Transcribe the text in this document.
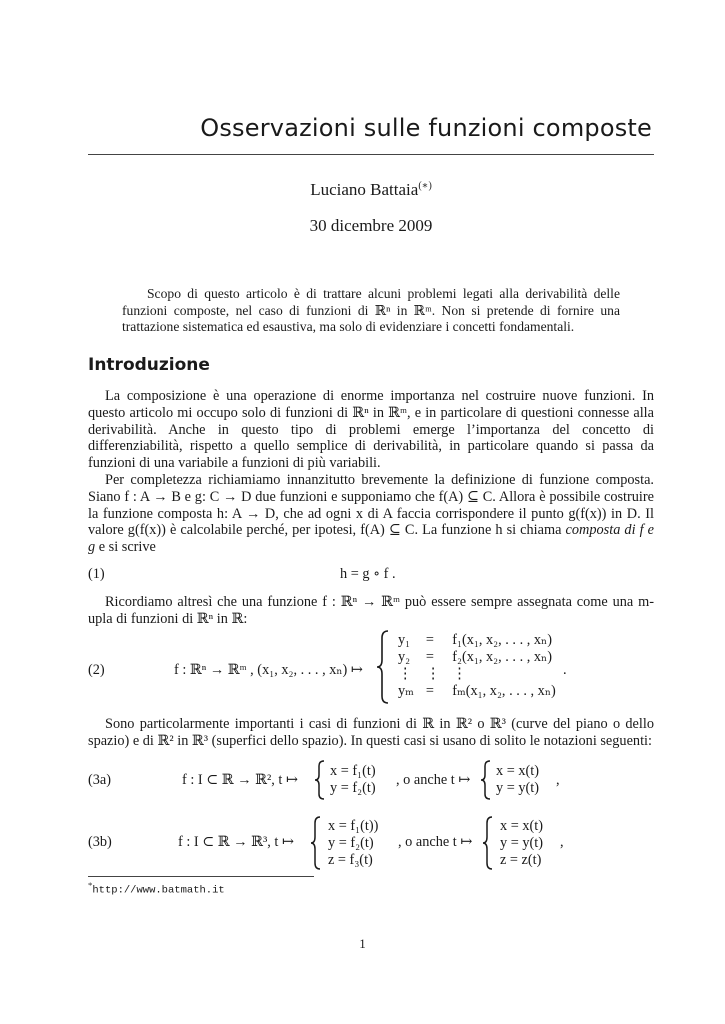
Osservazioni sulle funzioni composte
Luciano Battaia(∗)
30 dicembre 2009
Scopo di questo articolo è di trattare alcuni problemi legati alla derivabilità delle funzioni composte, nel caso di funzioni di ℝⁿ in ℝᵐ. Non si pretende di fornire una trattazione sistematica ed esaustiva, ma solo di evidenziare i concetti fondamentali.
Introduzione
La composizione è una operazione di enorme importanza nel costruire nuove funzioni. In questo articolo mi occupo solo di funzioni di ℝⁿ in ℝᵐ, e in particolare di questioni connesse alla derivabilità. Anche in questo tipo di problemi emerge l’importanza del concetto di differenziabilità, rispetto a quello semplice di derivabilità, in particolare quando si passa da funzioni di una variabile a funzioni di più variabili.
Per completezza richiamiamo innanzitutto brevemente la definizione di funzione composta. Siano f : A → B e g: C → D due funzioni e supponiamo che f(A) ⊆ C. Allora è possibile costruire la funzione composta h: A → D, che ad ogni x di A faccia corrispondere il punto g(f(x)) in D. Il valore g(f(x)) è calcolabile perché, per ipotesi, f(A) ⊆ C. La funzione h si chiama composta di f e g e si scrive
(1)	h = g ∘ f .
Ricordiamo altresì che una funzione f : ℝⁿ → ℝᵐ può essere sempre assegnata come una m-upla di funzioni di ℝⁿ in ℝ:
(2)	f : ℝⁿ → ℝᵐ , (x₁, x₂, . . . , xₙ) ↦
y₁	=	f₁(x₁, x₂, . . . , xₙ)
y₂	=	f₂(x₁, x₂, . . . , xₙ)
⋮	⋮	⋮
yₘ	=	fₘ(x₁, x₂, . . . , xₙ)
.
Sono particolarmente importanti i casi di funzioni di ℝ in ℝ² o ℝ³ (curve del piano o dello spazio) e di ℝ² in ℝ³ (superfici dello spazio). In questi casi si usano di solito le notazioni seguenti:
(3a)	f : I ⊂ ℝ → ℝ², t ↦
x = f₁(t)
y = f₂(t) , o anche t ↦
x = x(t)
y = y(t) ,
(3b)	f : I ⊂ ℝ → ℝ³, t ↦
x = f₁(t))
y = f₂(t)
z = f₃(t)
, o anche t ↦
x = x(t)
y = y(t)
z = z(t)
,
*http://www.batmath.it
1
